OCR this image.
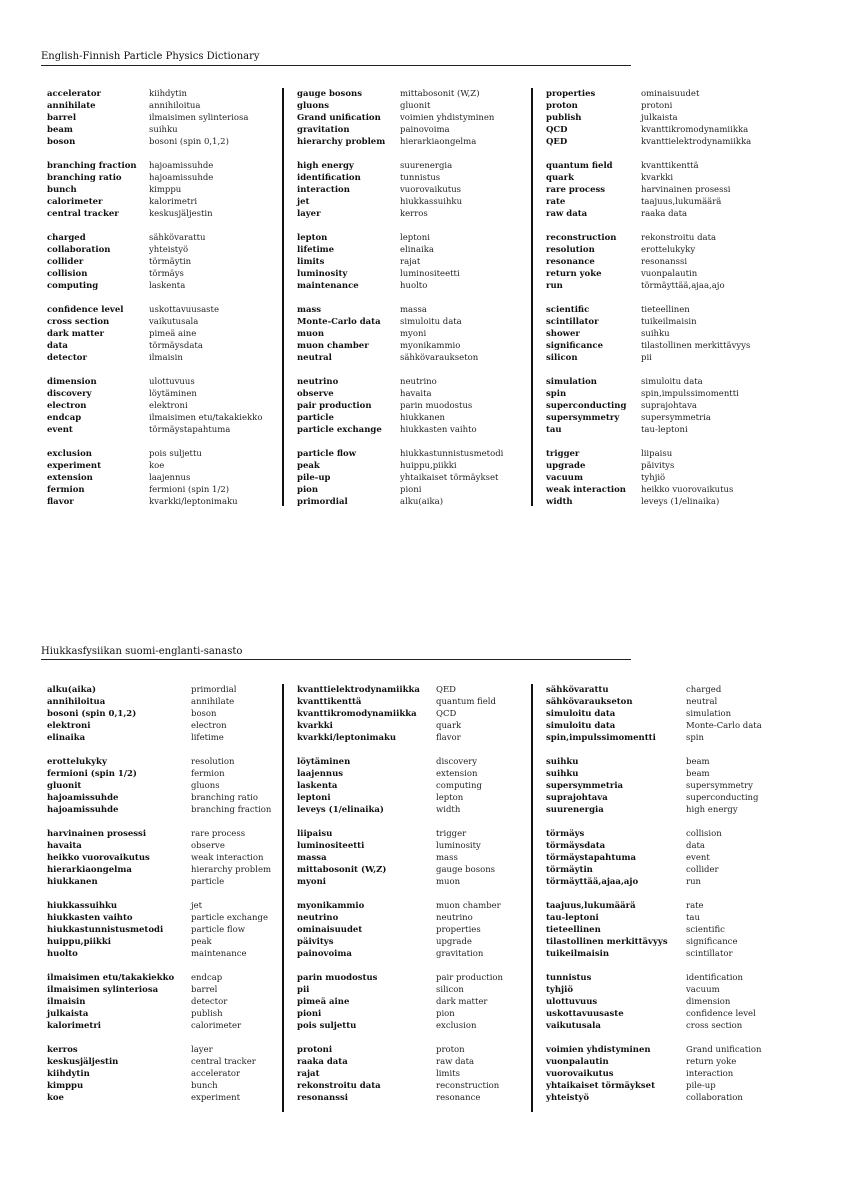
English-Finnish Particle Physics Dictionary
accelerator	kiihdytin
annihilate	annihiloitua
barrel	ilmaisimen sylinteriosa
beam	suihku
boson	bosoni (spin 0,1,2)
branching fraction	hajoamissuhde
branching ratio	hajoamissuhde
bunch	kimppu
calorimeter	kalorimetri
central tracker	keskusjäljestin
charged	sähkövarattu
collaboration	yhteistyö
collider	törmäytin
collision	törmäys
computing	laskenta
confidence level	uskottavuusaste
cross section	vaikutusala
dark matter	pimeä aine
data	törmäysdata
detector	ilmaisin
dimension	ulottuvuus
discovery	löytäminen
electron	elektroni
endcap	ilmaisimen etu/takakiekko
event	törmäystapahtuma
exclusion	pois suljettu
experiment	koe
extension	laajennus
fermion	fermioni (spin 1/2)
flavor	kvarkki/leptonimaku
gauge bosons	mittabosonit (W,Z)
gluons	gluonit
Grand unification	voimien yhdistyminen
gravitation	painovoima
hierarchy problem	hierarkiaongelma
high energy	suurenergia
identification	tunnistus
interaction	vuorovaikutus
jet	hiukkassuihku
layer	kerros
lepton	leptoni
lifetime	elinaika
limits	rajat
luminosity	luminositeetti
maintenance	huolto
mass	massa
Monte-Carlo data	simuloitu data
muon	myoni
muon chamber	myonikammio
neutral	sähkövaraukseton
neutrino	neutrino
observe	havaita
pair production	parin muodostus
particle	hiukkanen
particle exchange	hiukkasten vaihto
particle flow	hiukkastunnistusmetodi
peak	huippu,piikki
pile-up	yhtaikaiset törmäykset
pion	pioni
primordial	alku(aika)
properties	ominaisuudet
proton	protoni
publish	julkaista
QCD	kvanttikromodynamiikka
QED	kvanttielektrodynamiikka
quantum field	kvanttikenttä
quark	kvarkki
rare process	harvinainen prosessi
rate	taajuus,lukumäärä
raw data	raaka data
reconstruction	rekonstroitu data
resolution	erottelukyky
resonance	resonanssi
return yoke	vuonpalautin
run	törmäyttää,ajaa,ajo
scientific	tieteellinen
scintillator	tuikeilmaisin
shower	suihku
significance	tilastollinen merkittävyys
silicon	pii
simulation	simuloitu data
spin	spin,impulssimomentti
superconducting	suprajohtava
supersymmetry	supersymmetria
tau	tau-leptoni
trigger	liipaisu
upgrade	päivitys
vacuum	tyhjiö
weak interaction	heikko vuorovaikutus
width	leveys (1/elinaika)
Hiukkasfysiikan suomi-englanti-sanasto
alku(aika)	primordial
annihiloitua	annihilate
bosoni (spin 0,1,2)	boson
elektroni	electron
elinaika	lifetime
erottelukyky	resolution
fermioni (spin 1/2)	fermion
gluonit	gluons
hajoamissuhde	branching ratio
hajoamissuhde	branching fraction
harvinainen prosessi	rare process
havaita	observe
heikko vuorovaikutus	weak interaction
hierarkiaongelma	hierarchy problem
hiukkanen	particle
hiukkassuihku	jet
hiukkasten vaihto	particle exchange
hiukkastunnistusmetodi	particle flow
huippu,piikki	peak
huolto	maintenance
ilmaisimen etu/takakiekko	endcap
ilmaisimen sylinteriosa	barrel
ilmaisin	detector
julkaista	publish
kalorimetri	calorimeter
kerros	layer
keskusjäljestin	central tracker
kiihdytin	accelerator
kimppu	bunch
koe	experiment
kvanttielektrodynamiikka	QED
kvanttikenttä	quantum field
kvanttikromodynamiikka	QCD
kvarkki	quark
kvarkki/leptonimaku	flavor
löytäminen	discovery
laajennus	extension
laskenta	computing
leptoni	lepton
leveys (1/elinaika)	width
liipaisu	trigger
luminositeetti	luminosity
massa	mass
mittabosonit (W,Z)	gauge bosons
myoni	muon
myonikammio	muon chamber
neutrino	neutrino
ominaisuudet	properties
päivitys	upgrade
painovoima	gravitation
parin muodostus	pair production
pii	silicon
pimeä aine	dark matter
pioni	pion
pois suljettu	exclusion
protoni	proton
raaka data	raw data
rajat	limits
rekonstroitu data	reconstruction
resonanssi	resonance
sähkövarattu	charged
sähkövaraukseton	neutral
simuloitu data	simulation
simuloitu data	Monte-Carlo data
spin,impulssimomentti	spin
suihku	beam
suihku	beam
supersymmetria	supersymmetry
suprajohtava	superconducting
suurenergia	high energy
törmäys	collision
törmäysdata	data
törmäystapahtuma	event
törmäytin	collider
törmäyttää,ajaa,ajo	run
taajuus,lukumäärä	rate
tau-leptoni	tau
tieteellinen	scientific
tilastollinen merkittävyys	significance
tuikeilmaisin	scintillator
tunnistus	identification
tyhjiö	vacuum
ulottuvuus	dimension
uskottavuusaste	confidence level
vaikutusala	cross section
voimien yhdistyminen	Grand unification
vuonpalautin	return yoke
vuorovaikutus	interaction
yhtaikaiset törmäykset	pile-up
yhteistyö	collaboration
